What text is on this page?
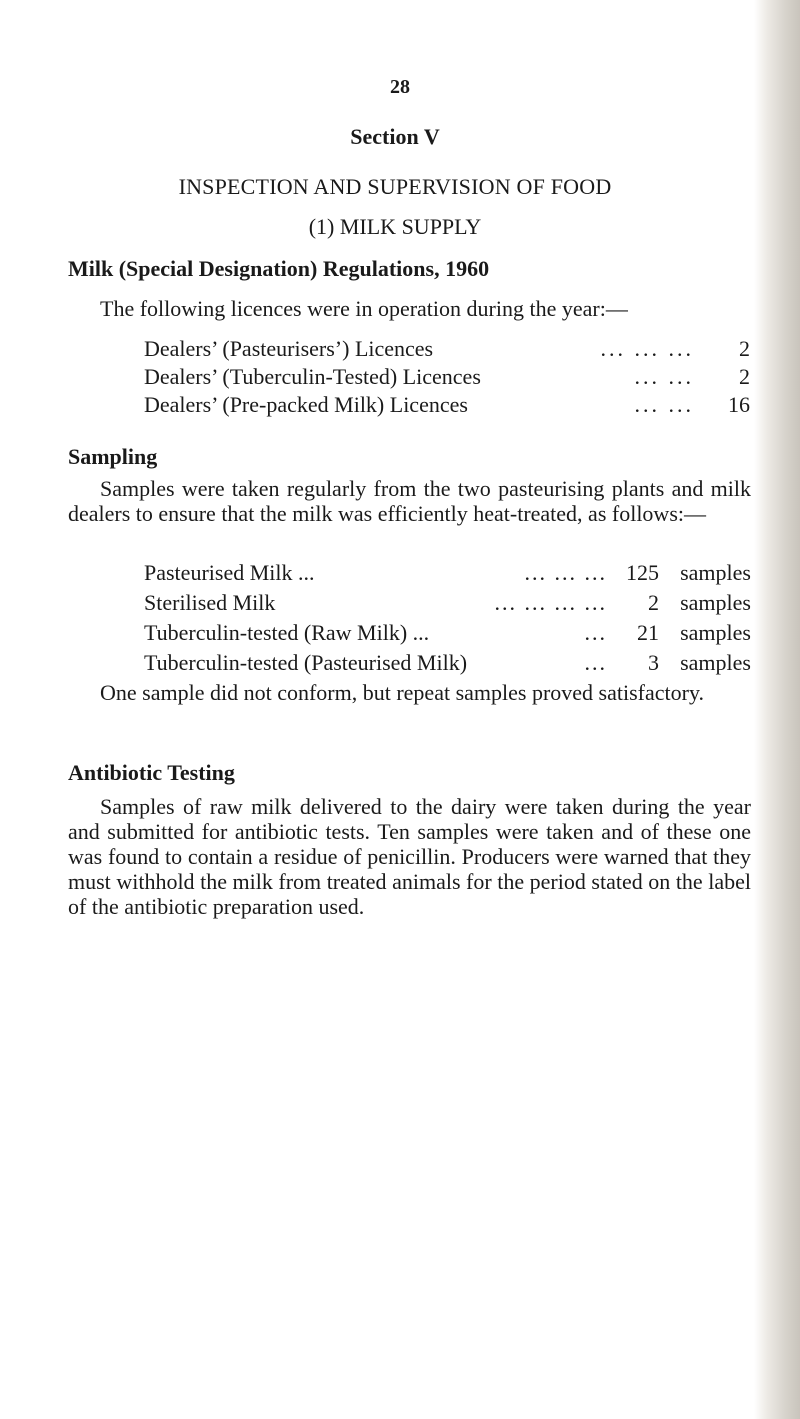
28
Section V
INSPECTION AND SUPERVISION OF FOOD
(1) MILK SUPPLY
Milk (Special Designation) Regulations, 1960
The following licences were in operation during the year:—
Dealers’ (Pasteurisers’) Licences	... ... ...	2
Dealers’ (Tuberculin-Tested) Licences	... ...	2
Dealers’ (Pre-packed Milk) Licences	... ...	16
Sampling

Samples were taken regularly from the two pasteurising plants and milk dealers to ensure that the milk was efficiently heat-treated, as follows:—

Pasteurised Milk ...	... ... ... 125 samples
Sterilised Milk	... ... ... ...	2 samples
Tuberculin-tested (Raw Milk) ...	...	21 samples
Tuberculin-tested (Pasteurised Milk)	...	3 samples

One sample did not conform, but repeat samples proved satisfactory.

Antibiotic Testing

Samples of raw milk delivered to the dairy were taken during the year and submitted for antibiotic tests. Ten samples were taken and of these one was found to contain a residue of penicillin. Producers were warned that they must withhold the milk from treated animals for the period stated on the label of the antibiotic preparation used.
